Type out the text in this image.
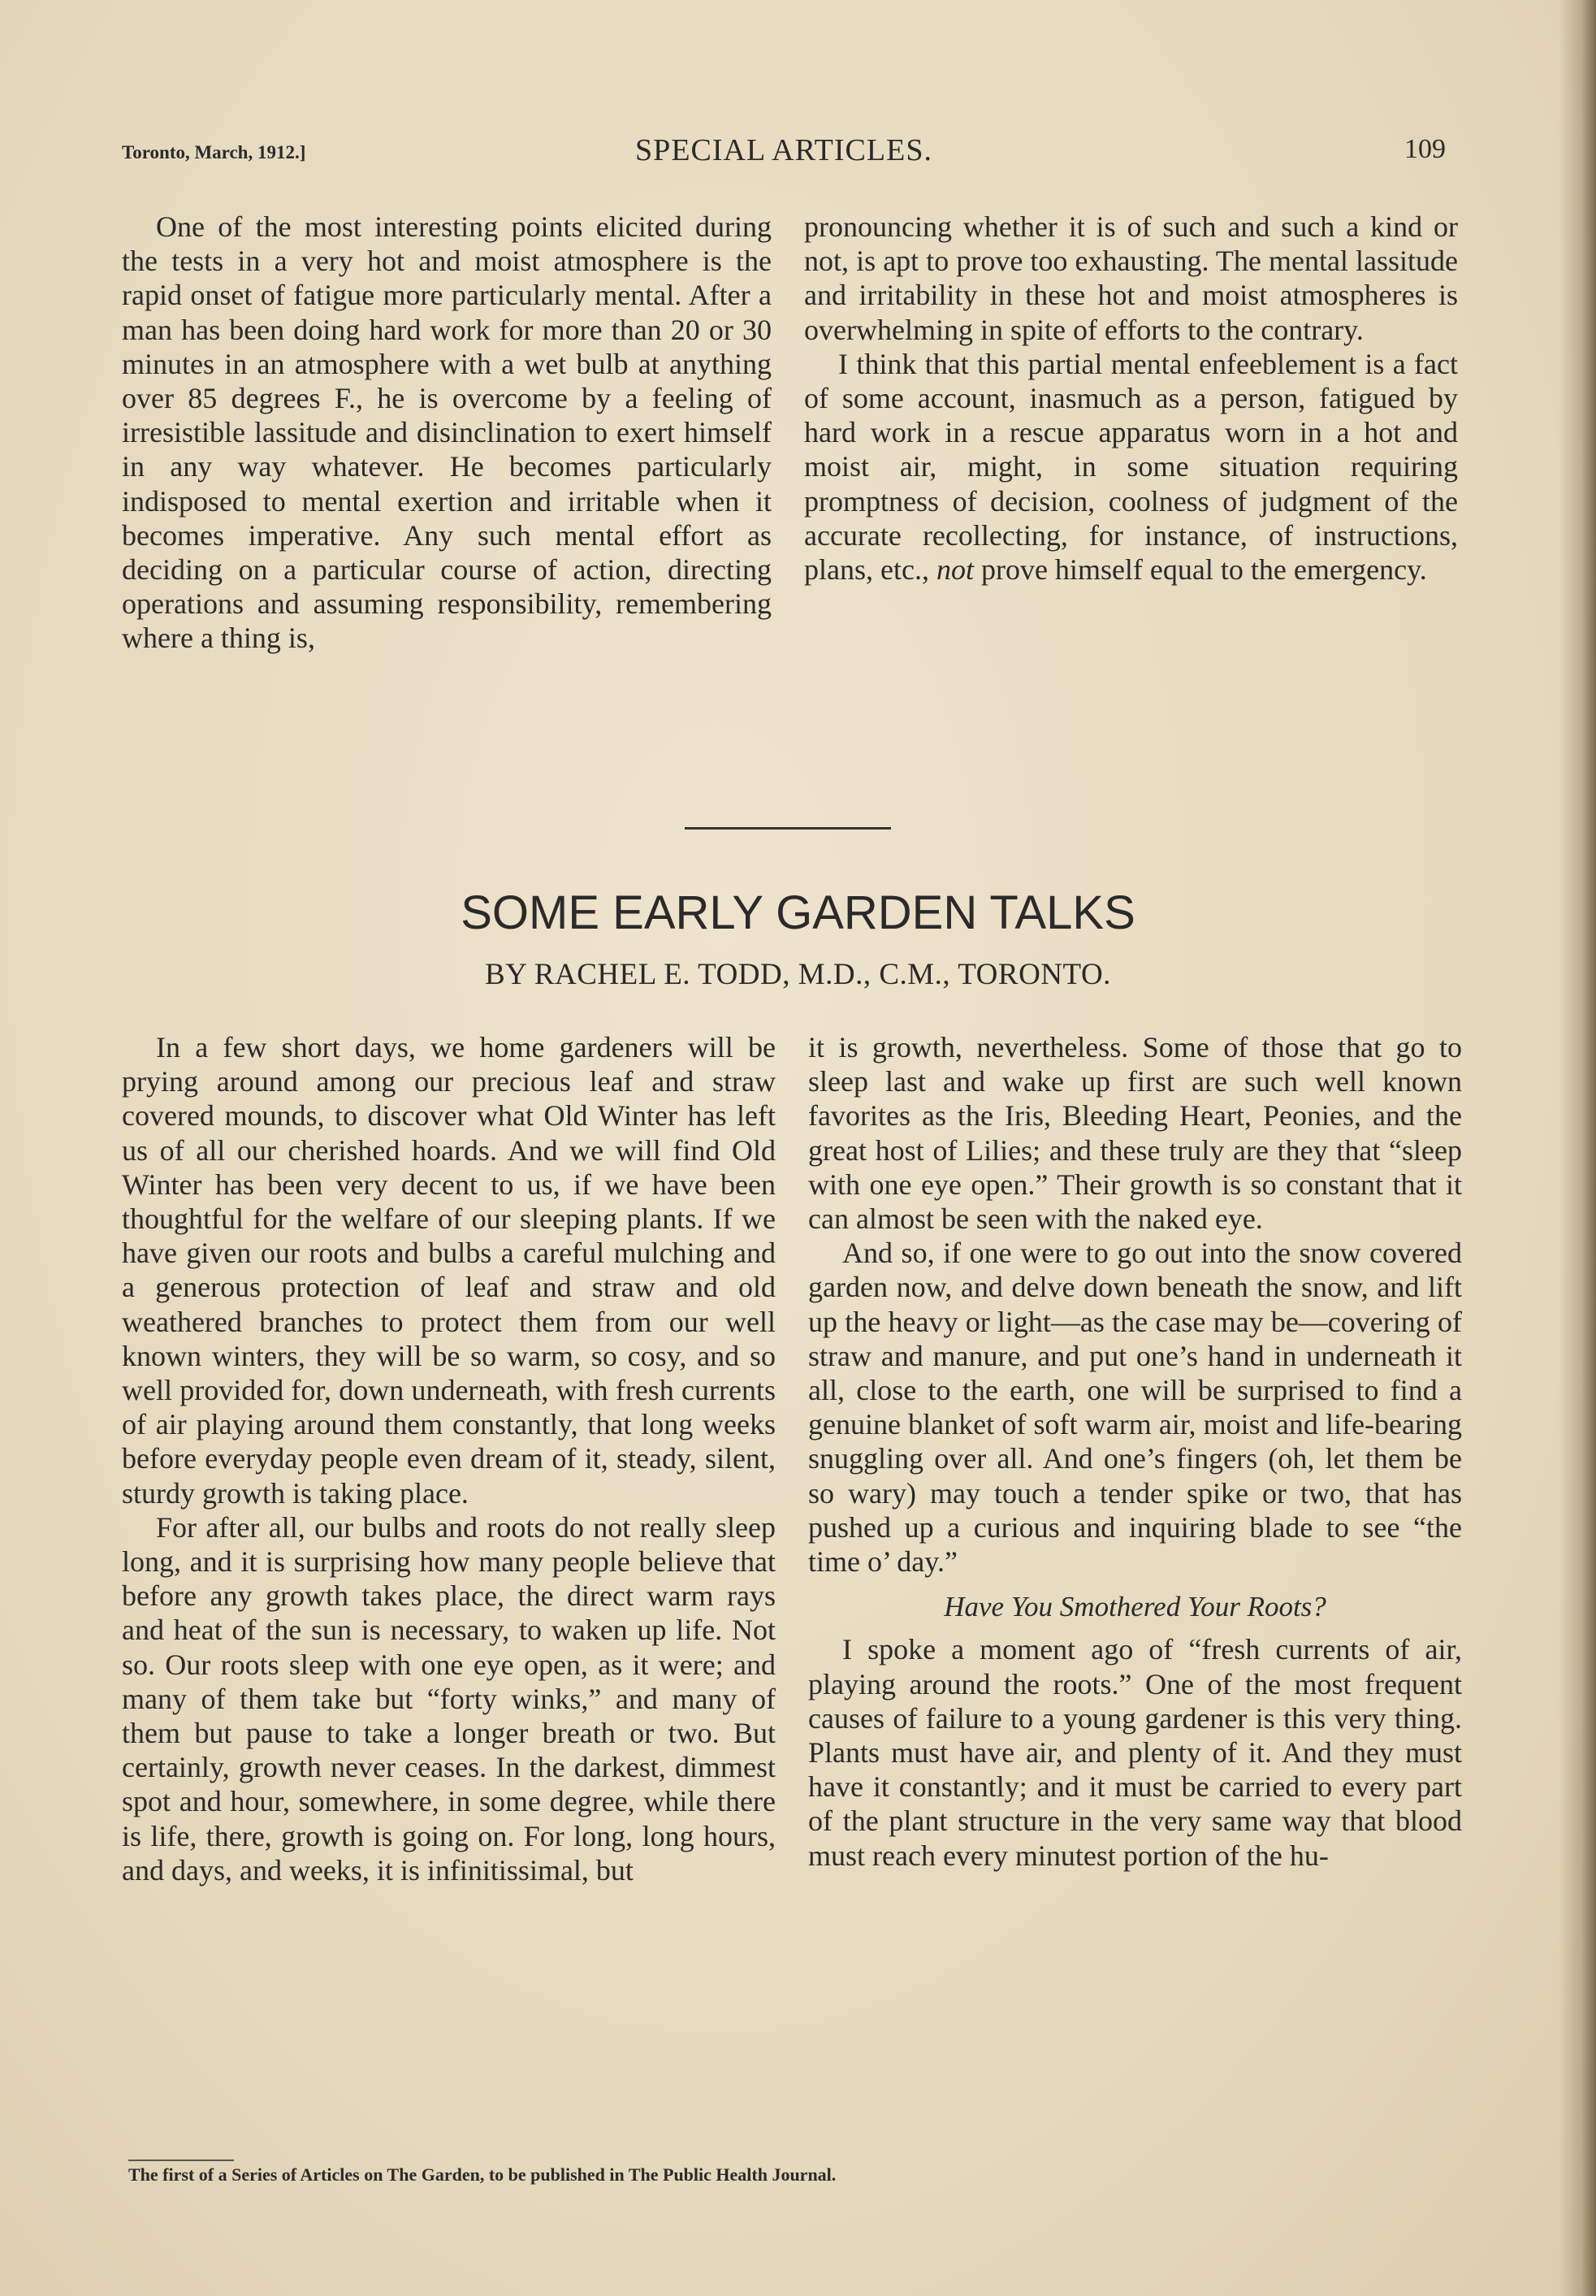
Toronto, March, 1912.]	SPECIAL ARTICLES.	109

One of the most interesting points elicited during the tests in a very hot and moist atmosphere is the rapid onset of fatigue more particularly mental. After a man has been doing hard work for more than 20 or 30 minutes in an atmosphere with a wet bulb at anything over 85 degrees F., he is overcome by a feeling of irresistible lassitude and disinclination to exert himself in any way whatever. He becomes particularly indisposed to mental exertion and irritable when it becomes imperative. Any such mental effort as deciding on a particular course of action, directing operations and assuming responsibility, remembering where a thing is,

pronouncing whether it is of such and such a kind or not, is apt to prove too exhausting. The mental lassitude and irritability in these hot and moist atmospheres is overwhelming in spite of efforts to the contrary.

I think that this partial mental enfeeblement is a fact of some account, inasmuch as a person, fatigued by hard work in a rescue apparatus worn in a hot and moist air, might, in some situation requiring promptness of decision, coolness of judgment of the accurate recollecting, for instance, of instructions, plans, etc., not prove himself equal to the emergency.

SOME EARLY GARDEN TALKS
BY RACHEL E. TODD, M.D., C.M., TORONTO.

In a few short days, we home gardeners will be prying around among our precious leaf and straw covered mounds, to discover what Old Winter has left us of all our cherished hoards. And we will find Old Winter has been very decent to us, if we have been thoughtful for the welfare of our sleeping plants. If we have given our roots and bulbs a careful mulching and a generous protection of leaf and straw and old weathered branches to protect them from our well known winters, they will be so warm, so cosy, and so well provided for, down underneath, with fresh currents of air playing around them constantly, that long weeks before everyday people even dream of it, steady, silent, sturdy growth is taking place.

For after all, our bulbs and roots do not really sleep long, and it is surprising how many people believe that before any growth takes place, the direct warm rays and heat of the sun is necessary, to waken up life. Not so. Our roots sleep with one eye open, as it were; and many of them take but “forty winks,” and many of them but pause to take a longer breath or two. But certainly, growth never ceases. In the darkest, dimmest spot and hour, somewhere, in some degree, while there is life, there, growth is going on. For long, long hours, and days, and weeks, it is infinitissimal, but

it is growth, nevertheless. Some of those that go to sleep last and wake up first are such well known favorites as the Iris, Bleeding Heart, Peonies, and the great host of Lilies; and these truly are they that “sleep with one eye open.” Their growth is so constant that it can almost be seen with the naked eye.

And so, if one were to go out into the snow covered garden now, and delve down beneath the snow, and lift up the heavy or light—as the case may be—covering of straw and manure, and put one’s hand in underneath it all, close to the earth, one will be surprised to find a genuine blanket of soft warm air, moist and life-bearing snuggling over all. And one’s fingers (oh, let them be so wary) may touch a tender spike or two, that has pushed up a curious and inquiring blade to see “the time o’ day.”

Have You Smothered Your Roots?

I spoke a moment ago of “fresh currents of air, playing around the roots.” One of the most frequent causes of failure to a young gardener is this very thing. Plants must have air, and plenty of it. And they must have it constantly; and it must be carried to every part of the plant structure in the very same way that blood must reach every minutest portion of the hu-

The first of a Series of Articles on The Garden, to be published in The Public Health Journal.
